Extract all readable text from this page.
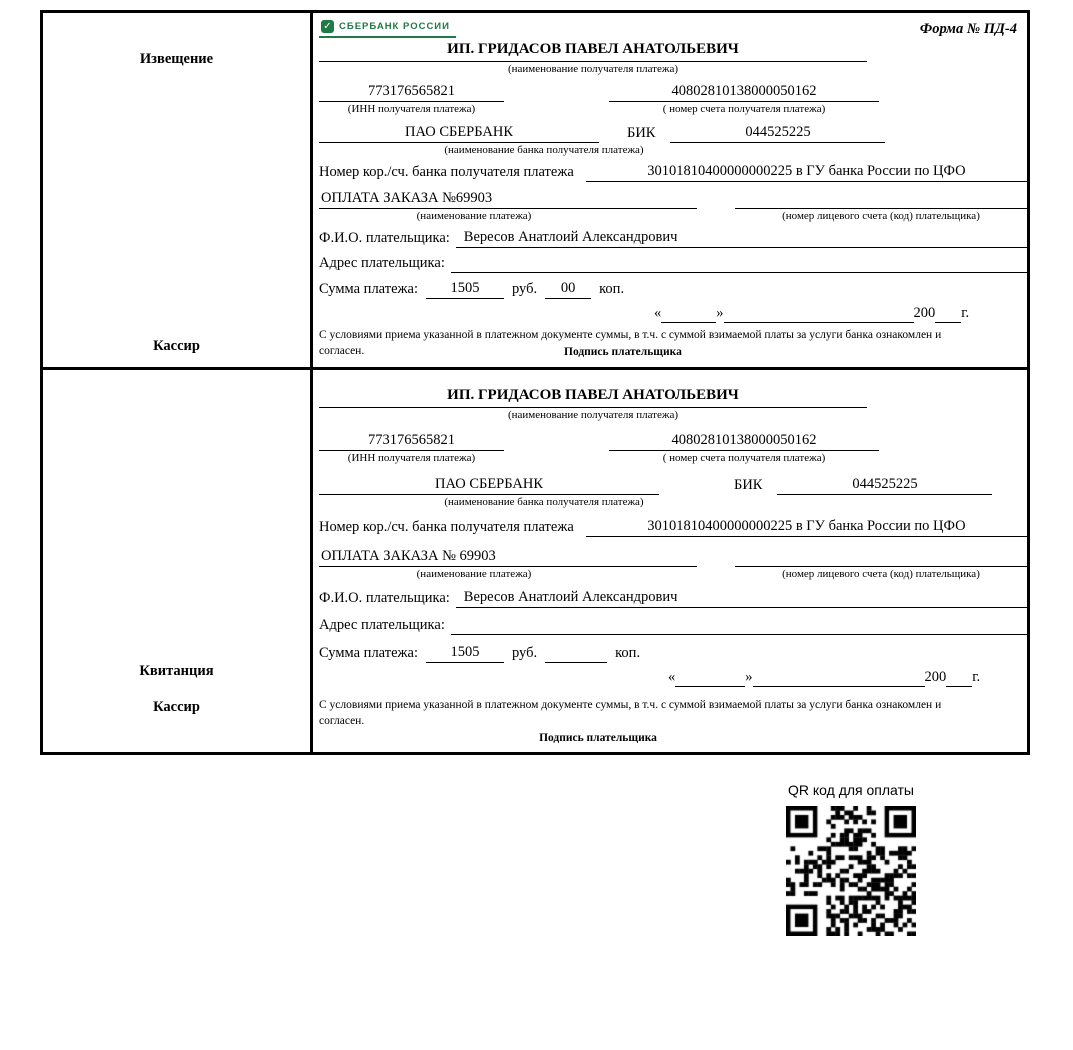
Извещение
Кассир
✓
СБЕРБАНК РОССИИ	Форма № ПД-4
ИП. ГРИДАСОВ ПАВЕЛ АНАТОЛЬЕВИЧ
(наименование получателя платежа)
773176565821	40802810138000050162
(ИНН получателя платежа)	( номер счета получателя платежа)
ПАО СБЕРБАНК	БИК	044525225
(наименование банка получателя платежа)
Номер кор./сч. банка получателя платежа	30101810400000000225 в ГУ банка России по ЦФО
ОПЛАТА ЗАКАЗА №69903
(наименование платежа)	(номер лицевого счета (код) плательщика)
Ф.И.О. плательщика: Вересов Анатлоий Александрович
Адрес плательщика:
Сумма платежа:	1505	руб.	00	коп.
«	»	200 г.
С условиями приема указанной в платежном документе суммы, в т.ч. с суммой взимаемой платы за услуги банка ознакомлен и согласен.	Подпись плательщика
Квитанция
Кассир
ИП. ГРИДАСОВ ПАВЕЛ АНАТОЛЬЕВИЧ
(наименование получателя платежа)
773176565821	40802810138000050162
(ИНН получателя платежа)	( номер счета получателя платежа)
ПАО СБЕРБАНК	БИК	044525225
(наименование банка получателя платежа)
Номер кор./сч. банка получателя платежа	30101810400000000225 в ГУ банка России по ЦФО
ОПЛАТА ЗАКАЗА № 69903
(наименование платежа)	(номер лицевого счета (код) плательщика)
Ф.И.О. плательщика: Вересов Анатлоий Александрович
Адрес плательщика:
Сумма платежа:	1505	руб.	коп.
«	»	200 г.
С условиями приема указанной в платежном документе суммы, в т.ч. с суммой взимаемой платы за услуги банка ознакомлен и согласен.
Подпись плательщика
QR код для оплаты
